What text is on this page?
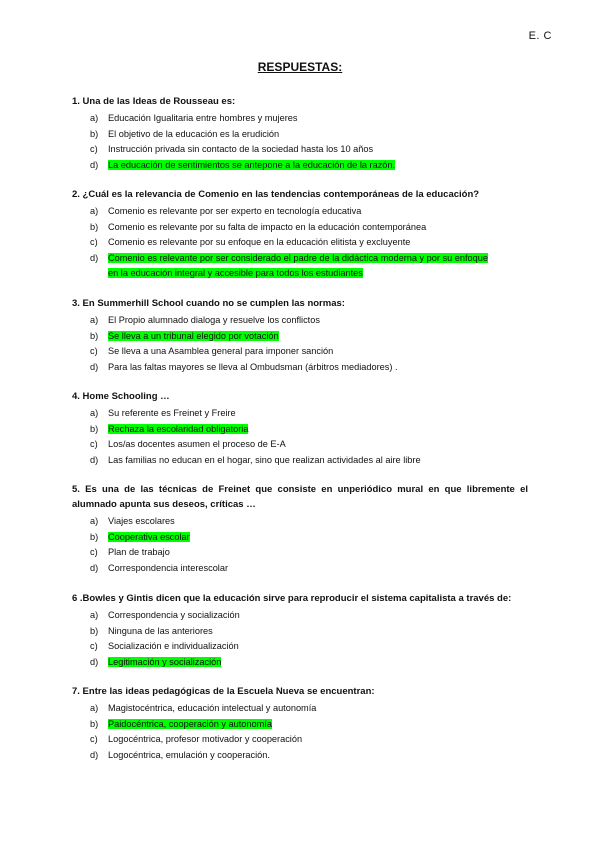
E. C
RESPUESTAS:
1. Una de las Ideas de Rousseau es:
a)	Educación Igualitaria entre hombres y mujeres
b)	El objetivo de la educación es la erudición
c)	Instrucción privada sin contacto de la sociedad hasta los 10 años
d)	La educación de sentimientos se antepone a la educación de la razón.
2. ¿Cuál es la relevancia de Comenio en las tendencias contemporáneas de la educación?
a)	Comenio es relevante por ser experto en tecnología educativa
b)	Comenio es relevante por su falta de impacto en la educación contemporánea
c)	Comenio es relevante por su enfoque en la educación elitista y excluyente
d)	Comenio es relevante por ser considerado el padre de la didáctica moderna y por su enfoque
en la educación integral y accesible para todos los estudiantes
3. En Summerhill School cuando no se cumplen las normas:
a)	El Propio alumnado dialoga y resuelve los conflictos
b)	Se lleva a un tribunal elegido por votación
c)	Se lleva a una Asamblea general para imponer sanción
d)	Para las faltas mayores se lleva al Ombudsman (árbitros mediadores) .
4. Home Schooling …
a)	Su referente es Freinet y Freire
b)	Rechaza la escolaridad obligatoria
c)	Los/as docentes asumen el proceso de E-A
d)	Las familias no educan en el hogar, sino que realizan actividades al aire libre
5. Es una de las técnicas de Freinet que consiste en unperiódico mural en que libremente el alumnado apunta sus deseos, críticas …
a)	Viajes escolares
b)	Cooperativa escolar
c)	Plan de trabajo
d)	Correspondencia interescolar
6 .Bowles y Gintis dicen que la educación sirve para reproducir el sistema capitalista a través de:
a)	Correspondencia y socialización
b)	Ninguna de las anteriores
c)	Socialización e individualización
d)	Legitimación y socialización
7. Entre las ideas pedagógicas de la Escuela Nueva se encuentran:
a)	Magistocéntrica, educación intelectual y autonomía
b)	Paidocéntrica, cooperación y autonomía
c)	Logocéntrica, profesor motivador y cooperación
d)	Logocéntrica, emulación y cooperación.
